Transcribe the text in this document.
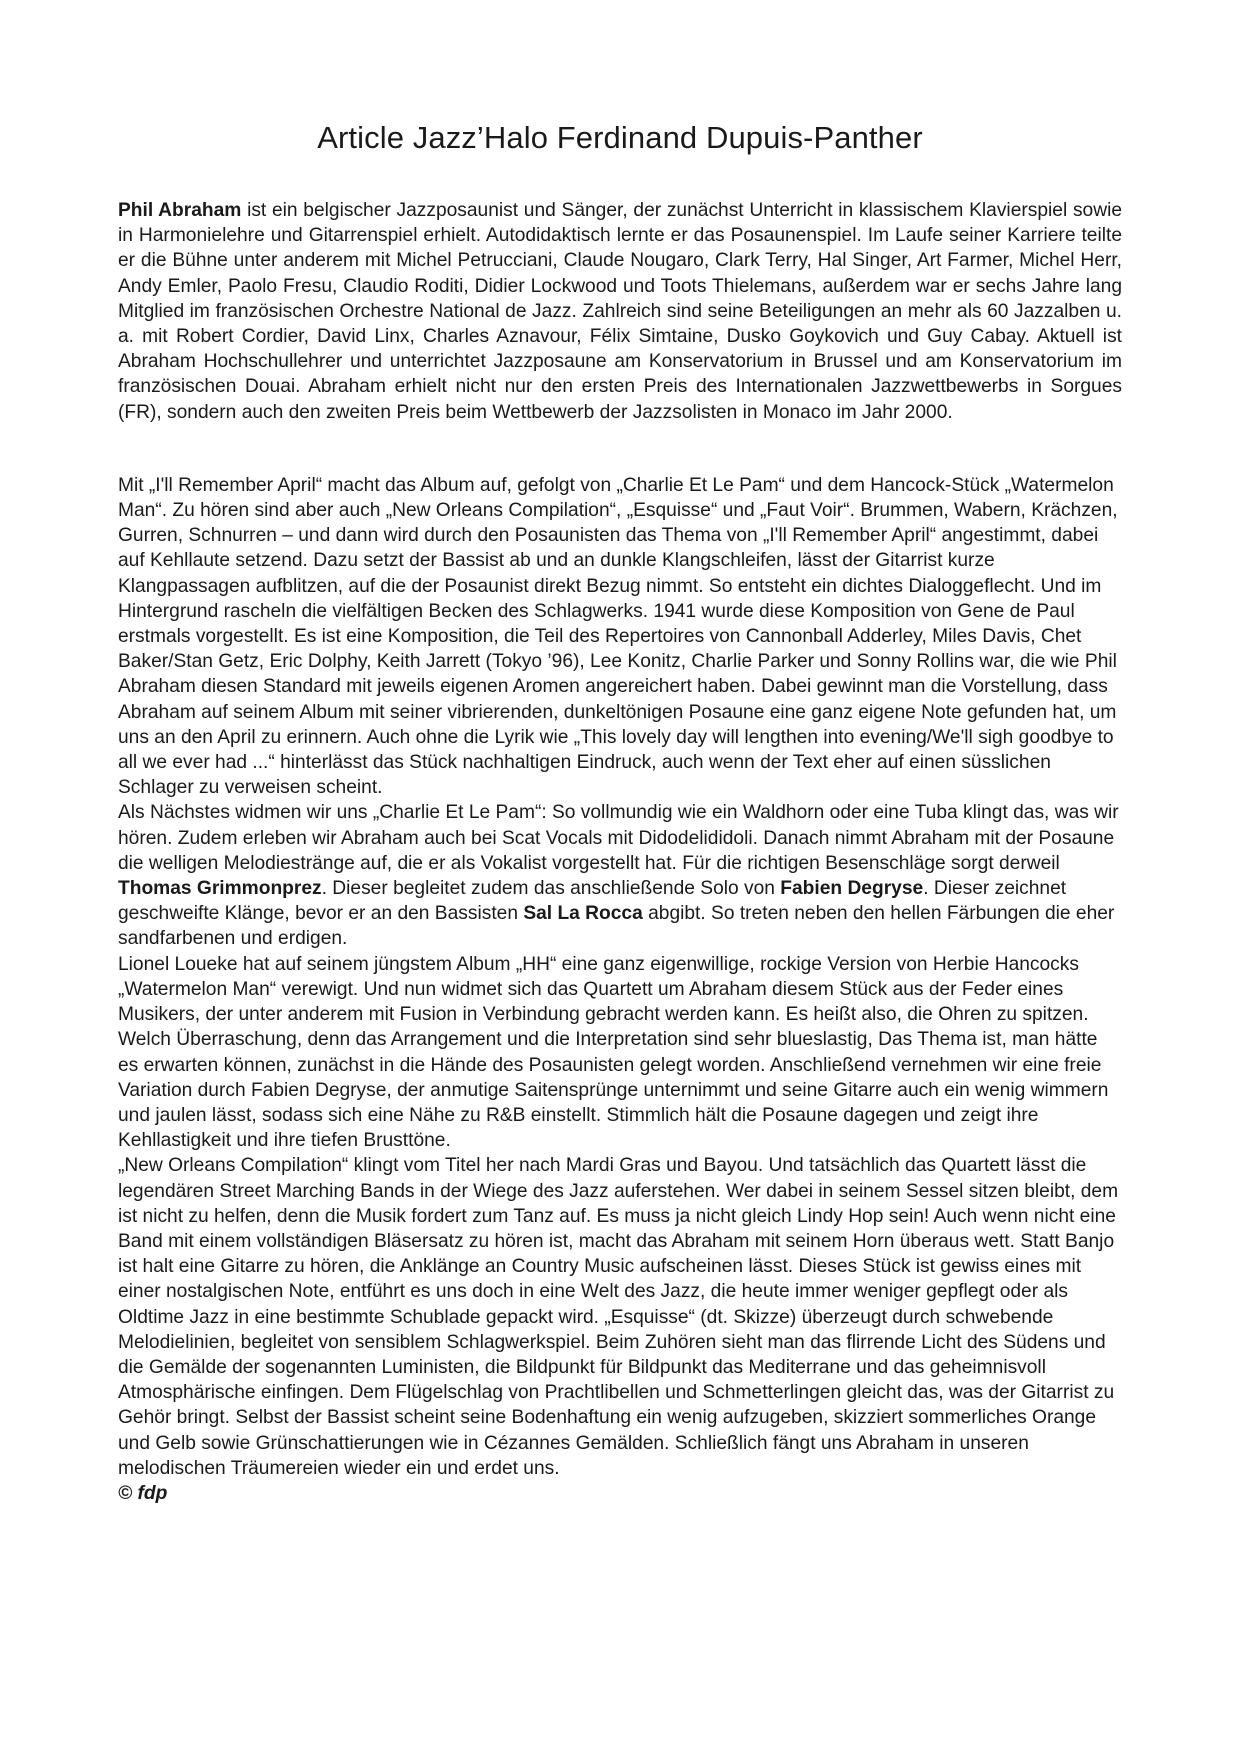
Article Jazz’Halo Ferdinand Dupuis-Panther

Phil Abraham ist ein belgischer Jazzposaunist und Sänger, der zunächst Unterricht in klassischem Klavierspiel sowie in Harmonielehre und Gitarrenspiel erhielt. Autodidaktisch lernte er das Posaunenspiel. Im Laufe seiner Karriere teilte er die Bühne unter anderem mit Michel Petrucciani, Claude Nougaro, Clark Terry, Hal Singer, Art Farmer, Michel Herr, Andy Emler, Paolo Fresu, Claudio Roditi, Didier Lockwood und Toots Thielemans, außerdem war er sechs Jahre lang Mitglied im französischen Orchestre National de Jazz. Zahlreich sind seine Beteiligungen an mehr als 60 Jazzalben u. a. mit Robert Cordier, David Linx, Charles Aznavour, Félix Simtaine, Dusko Goykovich und Guy Cabay. Aktuell ist Abraham Hochschullehrer und unterrichtet Jazzposaune am Konservatorium in Brussel und am Konservatorium im französischen Douai. Abraham erhielt nicht nur den ersten Preis des Internationalen Jazzwettbewerbs in Sorgues (FR), sondern auch den zweiten Preis beim Wettbewerb der Jazzsolisten in Monaco im Jahr 2000.

Mit „I'll Remember April“ macht das Album auf, gefolgt von „Charlie Et Le Pam“ und dem Hancock-Stück „Watermelon Man“. Zu hören sind aber auch „New Orleans Compilation“, „Esquisse“ und „Faut Voir“. Brummen, Wabern, Krächzen, Gurren, Schnurren – und dann wird durch den Posaunisten das Thema von „I'll Remember April“ angestimmt, dabei auf Kehllaute setzend. Dazu setzt der Bassist ab und an dunkle Klangschleifen, lässt der Gitarrist kurze Klangpassagen aufblitzen, auf die der Posaunist direkt Bezug nimmt. So entsteht ein dichtes Dialoggeflecht. Und im Hintergrund rascheln die vielfältigen Becken des Schlagwerks. 1941 wurde diese Komposition von Gene de Paul erstmals vorgestellt. Es ist eine Komposition, die Teil des Repertoires von Cannonball Adderley, Miles Davis, Chet Baker/Stan Getz, Eric Dolphy, Keith Jarrett (Tokyo ’96), Lee Konitz, Charlie Parker und Sonny Rollins war, die wie Phil Abraham diesen Standard mit jeweils eigenen Aromen angereichert haben. Dabei gewinnt man die Vorstellung, dass Abraham auf seinem Album mit seiner vibrierenden, dunkeltönigen Posaune eine ganz eigene Note gefunden hat, um uns an den April zu erinnern. Auch ohne die Lyrik wie „This lovely day will lengthen into evening/We'll sigh goodbye to all we ever had ...“ hinterlässt das Stück nachhaltigen Eindruck, auch wenn der Text eher auf einen süsslichen Schlager zu verweisen scheint.

Als Nächstes widmen wir uns „Charlie Et Le Pam“: So vollmundig wie ein Waldhorn oder eine Tuba klingt das, was wir hören. Zudem erleben wir Abraham auch bei Scat Vocals mit Didodelididoli. Danach nimmt Abraham mit der Posaune die welligen Melodiestränge auf, die er als Vokalist vorgestellt hat. Für die richtigen Besenschläge sorgt derweil Thomas Grimmonprez. Dieser begleitet zudem das anschließende Solo von Fabien Degryse. Dieser zeichnet geschweifte Klänge, bevor er an den Bassisten Sal La Rocca abgibt. So treten neben den hellen Färbungen die eher sandfarbenen und erdigen.

Lionel Loueke hat auf seinem jüngstem Album „HH“ eine ganz eigenwillige, rockige Version von Herbie Hancocks „Watermelon Man“ verewigt. Und nun widmet sich das Quartett um Abraham diesem Stück aus der Feder eines Musikers, der unter anderem mit Fusion in Verbindung gebracht werden kann. Es heißt also, die Ohren zu spitzen. Welch Überraschung, denn das Arrangement und die Interpretation sind sehr blueslastig, Das Thema ist, man hätte es erwarten können, zunächst in die Hände des Posaunisten gelegt worden. Anschließend vernehmen wir eine freie Variation durch Fabien Degryse, der anmutige Saitensprünge unternimmt und seine Gitarre auch ein wenig wimmern und jaulen lässt, sodass sich eine Nähe zu R&B einstellt. Stimmlich hält die Posaune dagegen und zeigt ihre Kehllastigkeit und ihre tiefen Brusttöne.

„New Orleans Compilation“ klingt vom Titel her nach Mardi Gras und Bayou. Und tatsächlich das Quartett lässt die legendären Street Marching Bands in der Wiege des Jazz auferstehen. Wer dabei in seinem Sessel sitzen bleibt, dem ist nicht zu helfen, denn die Musik fordert zum Tanz auf. Es muss ja nicht gleich Lindy Hop sein! Auch wenn nicht eine Band mit einem vollständigen Bläsersatz zu hören ist, macht das Abraham mit seinem Horn überaus wett. Statt Banjo ist halt eine Gitarre zu hören, die Anklänge an Country Music aufscheinen lässt. Dieses Stück ist gewiss eines mit einer nostalgischen Note, entführt es uns doch in eine Welt des Jazz, die heute immer weniger gepflegt oder als Oldtime Jazz in eine bestimmte Schublade gepackt wird. „Esquisse“ (dt. Skizze) überzeugt durch schwebende Melodielinien, begleitet von sensiblem Schlagwerkspiel. Beim Zuhören sieht man das flirrende Licht des Südens und die Gemälde der sogenannten Luministen, die Bildpunkt für Bildpunkt das Mediterrane und das geheimnisvoll Atmosphärische einfingen. Dem Flügelschlag von Prachtlibellen und Schmetterlingen gleicht das, was der Gitarrist zu Gehör bringt. Selbst der Bassist scheint seine Bodenhaftung ein wenig aufzugeben, skizziert sommerliches Orange und Gelb sowie Grünschattierungen wie in Cézannes Gemälden. Schließlich fängt uns Abraham in unseren melodischen Träumereien wieder ein und erdet uns.

© fdp
